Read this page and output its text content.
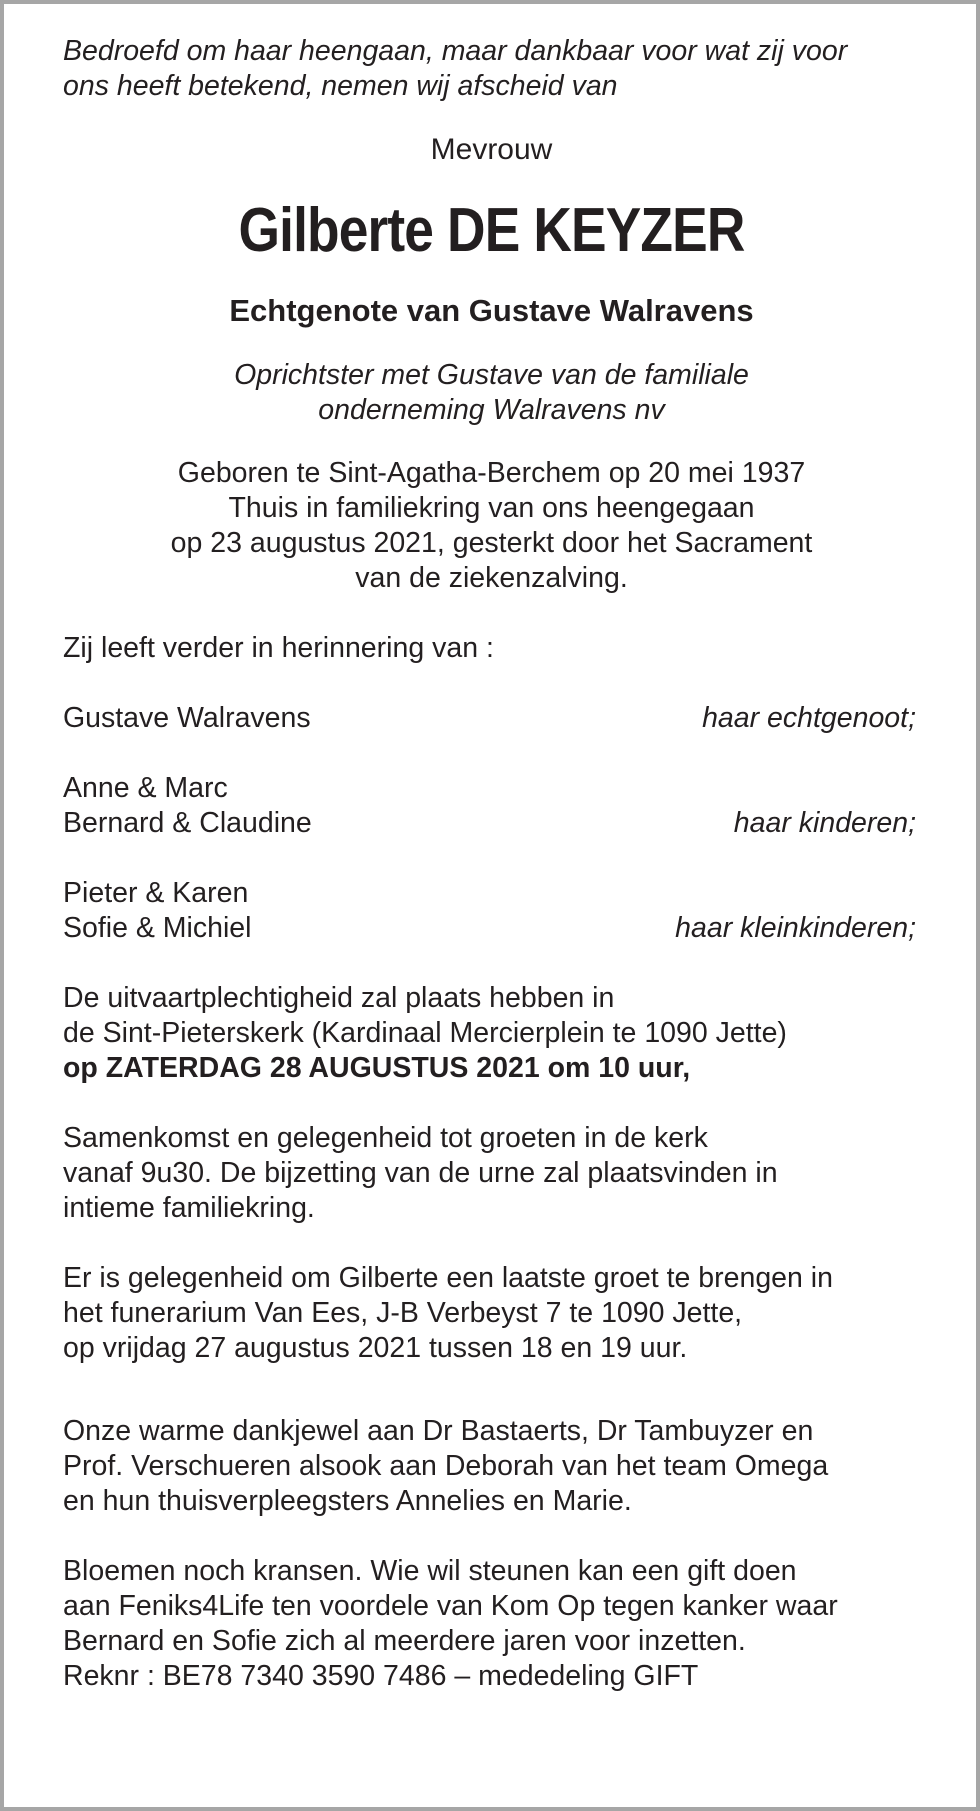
Bedroefd om haar heengaan, maar dankbaar voor wat zij voor
ons heeft betekend, nemen wij afscheid van
Mevrouw
Gilberte DE KEYZER
Echtgenote van Gustave Walravens
Oprichtster met Gustave van de familiale
onderneming Walravens nv
Geboren te Sint-Agatha-Berchem op 20 mei 1937
Thuis in familiekring van ons heengegaan
op 23 augustus 2021, gesterkt door het Sacrament
van de ziekenzalving.
Zij leeft verder in herinnering van :
Gustave Walravens	haar echtgenoot;
Anne & Marc
Bernard & Claudine	haar kinderen;
Pieter & Karen
Sofie & Michiel	haar kleinkinderen;
De uitvaartplechtigheid zal plaats hebben in
de Sint-Pieterskerk (Kardinaal Mercierplein te 1090 Jette)
op ZATERDAG 28 AUGUSTUS 2021 om 10 uur,
Samenkomst en gelegenheid tot groeten in de kerk
vanaf 9u30. De bijzetting van de urne zal plaatsvinden in
intieme familiekring.
Er is gelegenheid om Gilberte een laatste groet te brengen in
het funerarium Van Ees, J-B Verbeyst 7 te 1090 Jette,
op vrijdag 27 augustus 2021 tussen 18 en 19 uur.
Onze warme dankjewel aan Dr Bastaerts, Dr Tambuyzer en
Prof. Verschueren alsook aan Deborah van het team Omega
en hun thuisverpleegsters Annelies en Marie.
Bloemen noch kransen. Wie wil steunen kan een gift doen
aan Feniks4Life ten voordele van Kom Op tegen kanker waar
Bernard en Sofie zich al meerdere jaren voor inzetten.
Reknr : BE78 7340 3590 7486 – mededeling GIFT
